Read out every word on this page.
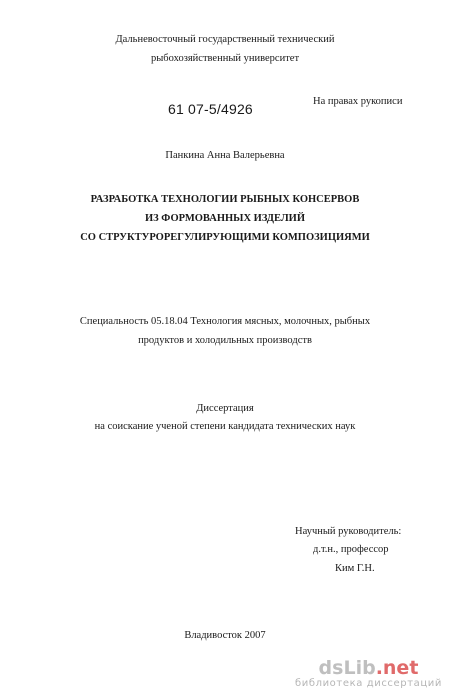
Дальневосточный государственный технический
рыбохозяйственный университет
61 07-5/4926	На правах рукописи
Панкина Анна Валерьевна
РАЗРАБОТКА ТЕХНОЛОГИИ РЫБНЫХ КОНСЕРВОВ
ИЗ ФОРМОВАННЫХ ИЗДЕЛИЙ
СО СТРУКТУРОРЕГУЛИРУЮЩИМИ КОМПОЗИЦИЯМИ
Специальность 05.18.04 Технология мясных, молочных, рыбных
продуктов и холодильных производств
Диссертация
на соискание ученой степени кандидата технических наук
Научный руководитель:
д.т.н., профессор
Ким Г.Н.
Владивосток 2007
dsLib.net
библиотека диссертаций
